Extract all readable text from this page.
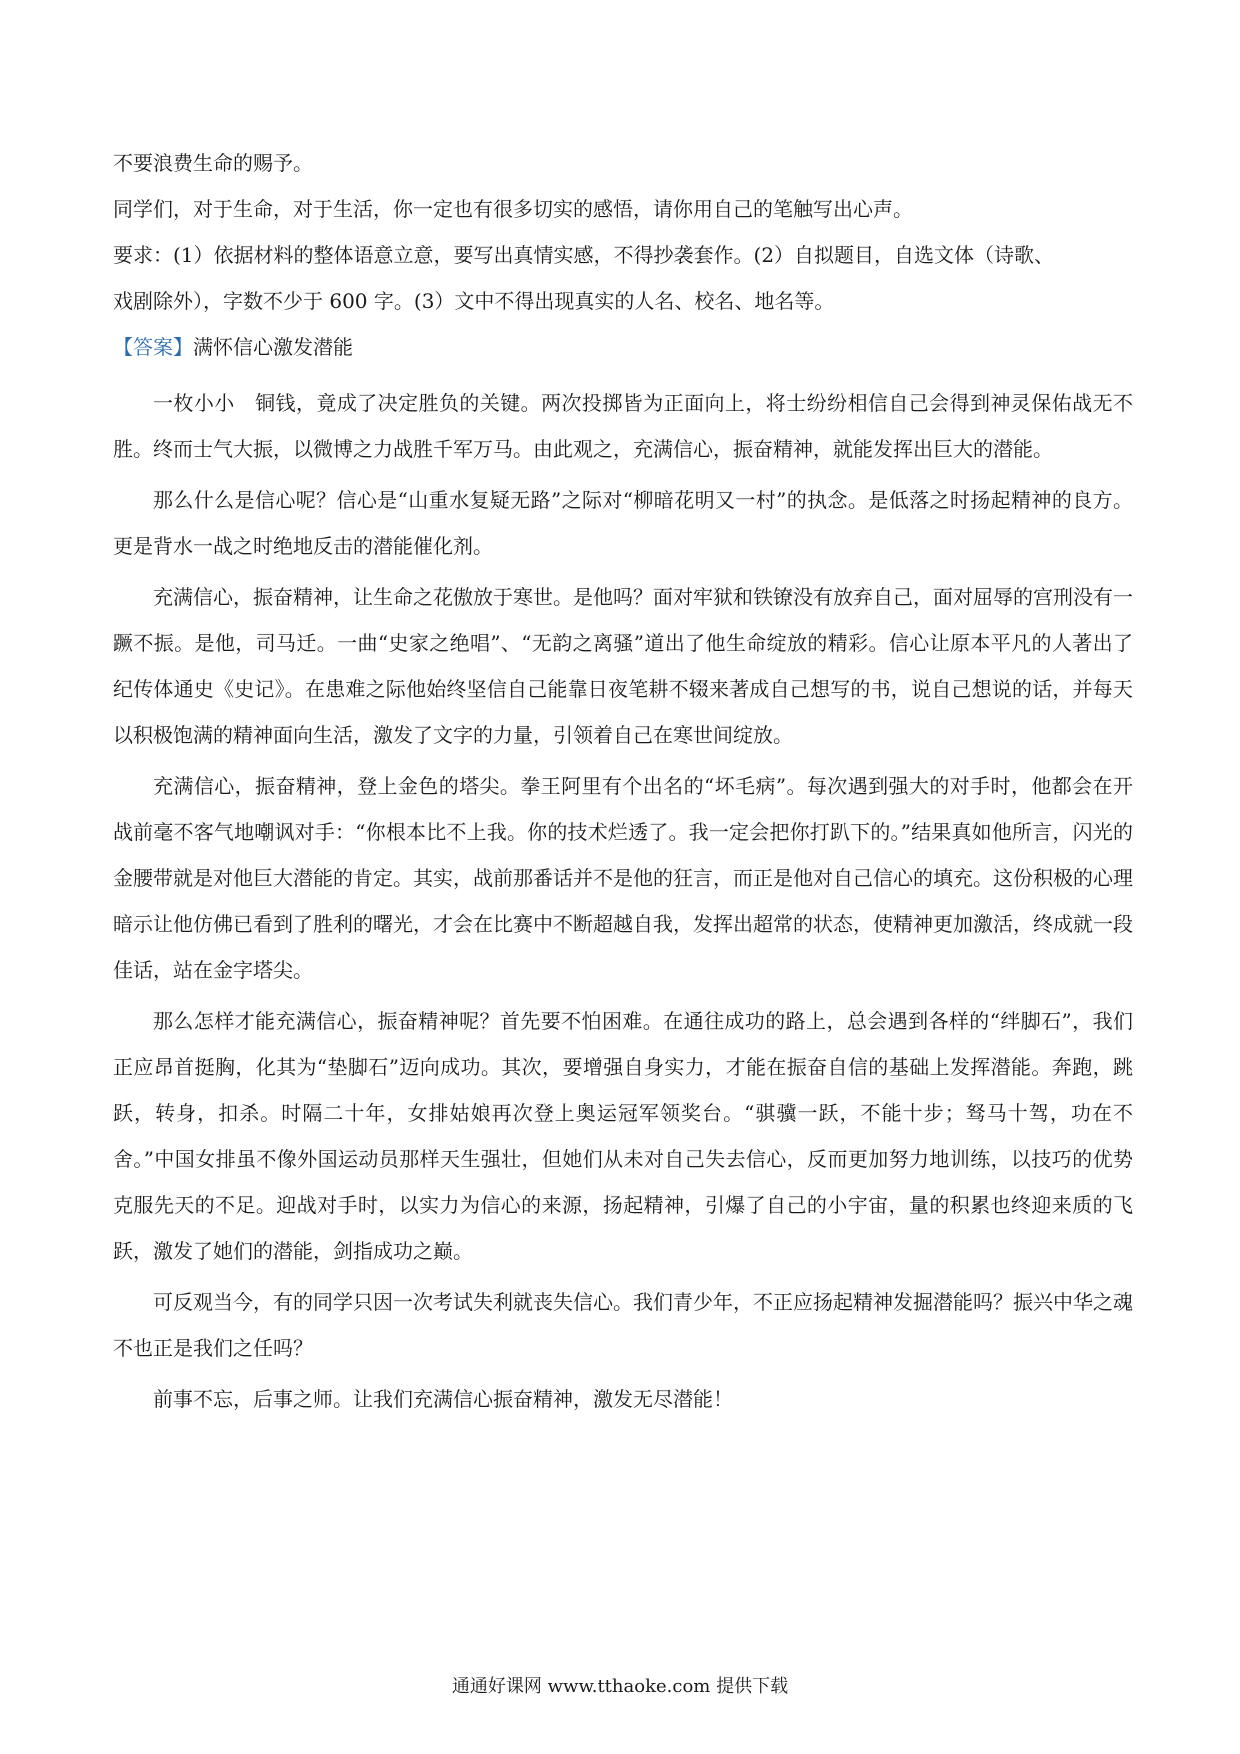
不要浪费生命的赐予。
同学们，对于生命，对于生活，你一定也有很多切实的感悟，请你用自己的笔触写出心声。
要求：(1）依据材料的整体语意立意，要写出真情实感，不得抄袭套作。(2）自拟题目，自选文体（诗歌、
戏剧除外），字数不少于 600 字。(3）文中不得出现真实的人名、校名、地名等。
【答案】满怀信心激发潜能

一枚小小　铜钱，竟成了决定胜负的关键。两次投掷皆为正面向上，将士纷纷相信自己会得到神灵保佑战无不胜。终而士气大振，以微博之力战胜千军万马。由此观之，充满信心，振奋精神，就能发挥出巨大的潜能。

那么什么是信心呢？信心是“山重水复疑无路”之际对“柳暗花明又一村”的执念。是低落之时扬起精神的良方。更是背水一战之时绝地反击的潜能催化剂。

充满信心，振奋精神，让生命之花傲放于寒世。是他吗？面对牢狱和铁镣没有放弃自己，面对屈辱的宫刑没有一蹶不振。是他，司马迁。一曲“史家之绝唱”、“无韵之离骚”道出了他生命绽放的精彩。信心让原本平凡的人著出了纪传体通史《史记》。在患难之际他始终坚信自己能靠日夜笔耕不辍来著成自己想写的书，说自己想说的话，并每天以积极饱满的精神面向生活，激发了文字的力量，引领着自己在寒世间绽放。

充满信心，振奋精神，登上金色的塔尖。拳王阿里有个出名的“坏毛病”。每次遇到强大的对手时，他都会在开战前毫不客气地嘲讽对手：“你根本比不上我。你的技术烂透了。我一定会把你打趴下的。”结果真如他所言，闪光的金腰带就是对他巨大潜能的肯定。其实，战前那番话并不是他的狂言，而正是他对自己信心的填充。这份积极的心理暗示让他仿佛已看到了胜利的曙光，才会在比赛中不断超越自我，发挥出超常的状态，使精神更加激活，终成就一段佳话，站在金字塔尖。

那么怎样才能充满信心，振奋精神呢？首先要不怕困难。在通往成功的路上，总会遇到各样的“绊脚石”，我们正应昂首挺胸，化其为“垫脚石”迈向成功。其次，要增强自身实力，才能在振奋自信的基础上发挥潜能。奔跑，跳跃，转身，扣杀。时隔二十年，女排姑娘再次登上奥运冠军领奖台。“骐骥一跃，不能十步；驽马十驾，功在不舍。”中国女排虽不像外国运动员那样天生强壮，但她们从未对自己失去信心，反而更加努力地训练，以技巧的优势克服先天的不足。迎战对手时，以实力为信心的来源，扬起精神，引爆了自己的小宇宙，量的积累也终迎来质的飞跃，激发了她们的潜能，剑指成功之巅。

可反观当今，有的同学只因一次考试失利就丧失信心。我们青少年，不正应扬起精神发掘潜能吗？振兴中华之魂不也正是我们之任吗？

前事不忘，后事之师。让我们充满信心振奋精神，激发无尽潜能！

通通好课网 www.tthaoke.com 提供下载
